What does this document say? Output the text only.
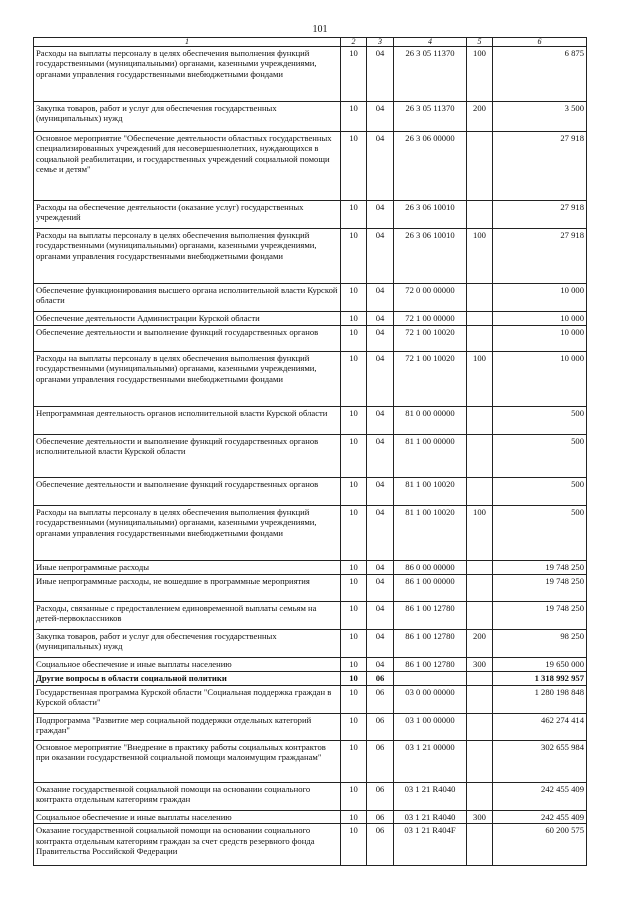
101
1	2	3	4	5	6
Расходы на выплаты персоналу в целях обеспечения выполнения функций государственными (муниципальными) органами, казенными учреждениями, органами управления государственными внебюджетными фондами	10	04	26 3 05 11370	100	6 875
Закупка товаров, работ и услуг для обеспечения государственных (муниципальных) нужд	10	04	26 3 05 11370	200	3 500
Основное мероприятие "Обеспечение деятельности областных государственных специализированных учреждений для несовершеннолетних, нуждающихся в социальной реабилитации, и государственных учреждений социальной помощи семье и детям"	10	04	26 3 06 00000		27 918
Расходы на обеспечение деятельности (оказание услуг) государственных учреждений	10	04	26 3 06 10010		27 918
Расходы на выплаты персоналу в целях обеспечения выполнения функций государственными (муниципальными) органами, казенными учреждениями, органами управления государственными внебюджетными фондами	10	04	26 3 06 10010	100	27 918
Обеспечение функционирования высшего органа исполнительной власти Курской области	10	04	72 0 00 00000		10 000
Обеспечение деятельности Администрации Курской области	10	04	72 1 00 00000		10 000
Обеспечение деятельности и выполнение функций государственных органов	10	04	72 1 00 10020		10 000
Расходы на выплаты персоналу в целях обеспечения выполнения функций государственными (муниципальными) органами, казенными учреждениями, органами управления государственными внебюджетными фондами	10	04	72 1 00 10020	100	10 000
Непрограммная деятельность органов исполнительной власти Курской области	10	04	81 0 00 00000		500
Обеспечение деятельности и выполнение функций государственных органов исполнительной власти Курской области	10	04	81 1 00 00000		500
Обеспечение деятельности и выполнение функций государственных органов	10	04	81 1 00 10020		500
Расходы на выплаты персоналу в целях обеспечения выполнения функций государственными (муниципальными) органами, казенными учреждениями, органами управления государственными внебюджетными фондами	10	04	81 1 00 10020	100	500
Иные непрограммные расходы	10	04	86 0 00 00000		19 748 250
Иные непрограммные расходы, не вошедшие в программные мероприятия	10	04	86 1 00 00000		19 748 250
Расходы, связанные с предоставлением единовременной выплаты семьям на детей-первоклассников	10	04	86 1 00 12780		19 748 250
Закупка товаров, работ и услуг для обеспечения государственных (муниципальных) нужд	10	04	86 1 00 12780	200	98 250
Социальное обеспечение и иные выплаты населению	10	04	86 1 00 12780	300	19 650 000
Другие вопросы в области социальной политики	10	06			1 318 992 957
Государственная программа Курской области "Социальная поддержка граждан в Курской области"	10	06	03 0 00 00000		1 280 198 848
Подпрограмма "Развитие мер социальной поддержки отдельных категорий граждан"	10	06	03 1 00 00000		462 274 414
Основное мероприятие "Внедрение в практику работы социальных контрактов при оказании государственной социальной помощи малоимущим гражданам"	10	06	03 1 21 00000		302 655 984
Оказание государственной социальной помощи на основании социального контракта отдельным категориям граждан	10	06	03 1 21 R4040		242 455 409
Социальное обеспечение и иные выплаты населению	10	06	03 1 21 R4040	300	242 455 409
Оказание государственной социальной помощи на основании социального контракта отдельным категориям граждан за счет средств резервного фонда Правительства Российской Федерации	10	06	03 1 21 R404F		60 200 575
